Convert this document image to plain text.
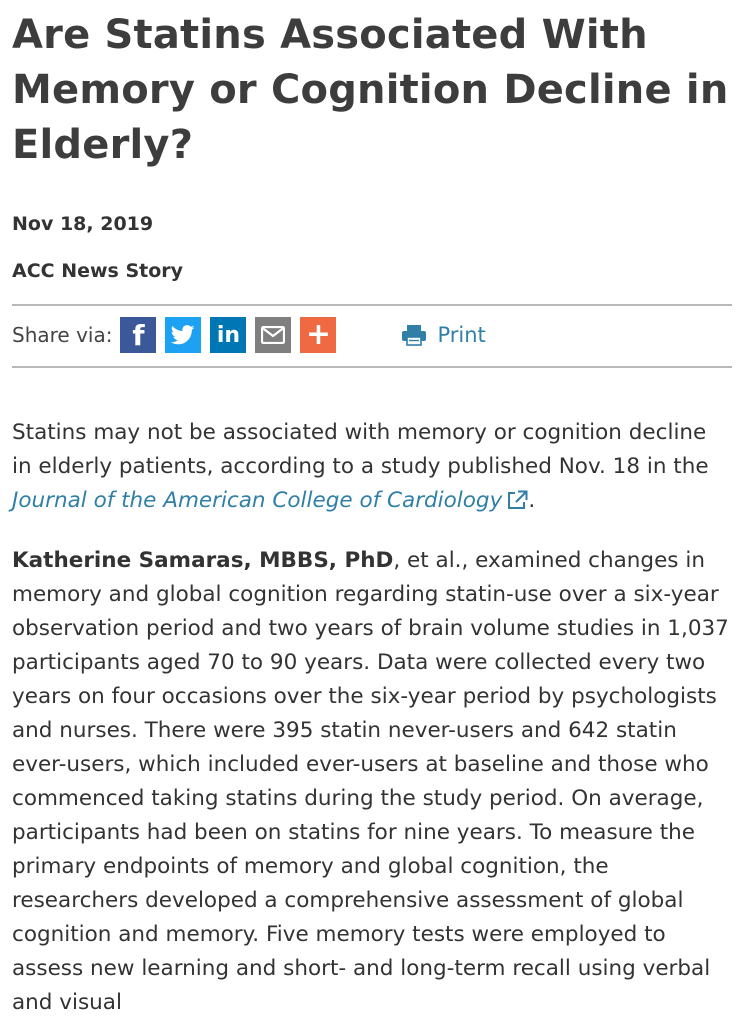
Are Statins Associated With Memory or Cognition Decline in Elderly?
Nov 18, 2019
ACC News Story
Share via: f	in +	Print

Statins may not be associated with memory or cognition decline in elderly patients, according to a study published Nov. 18 in the Journal of the American College of Cardiology .

Katherine Samaras, MBBS, PhD, et al., examined changes in memory and global cognition regarding statin-use over a six-year observation period and two years of brain volume studies in 1,037 participants aged 70 to 90 years. Data were collected every two years on four occasions over the six-year period by psychologists and nurses. There were 395 statin never-users and 642 statin ever-users, which included ever-users at baseline and those who commenced taking statins during the study period. On average, participants had been on statins for nine years. To measure the primary endpoints of memory and global cognition, the researchers developed a comprehensive assessment of global cognition and memory. Five memory tests were employed to assess new learning and short- and long-term recall using verbal and visual
